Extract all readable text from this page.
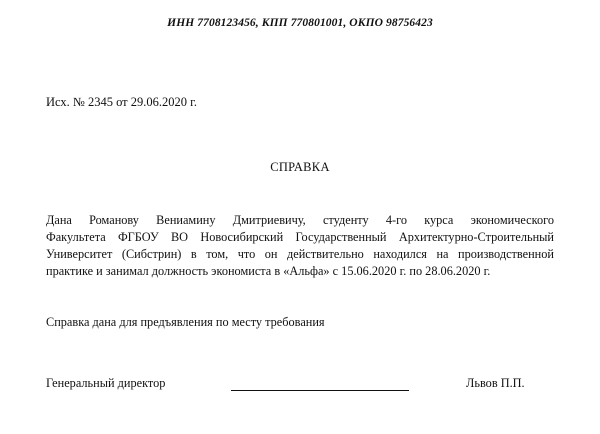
ИНН 7708123456, КПП 770801001, ОКПО 98756423
Исх. № 2345 от 29.06.2020 г.
СПРАВКА
Дана Романову Вениамину Дмитриевичу, студенту 4-го курса экономического
Факультета ФГБОУ ВО Новосибирский Государственный Архитектурно-Строительный
Университет (Сибстрин) в том, что он действительно находился на производственной
практике и занимал должность экономиста в «Альфа» с 15.06.2020 г. по 28.06.2020 г.
Справка дана для предъявления по месту требования
Генеральный директор	Львов П.П.
